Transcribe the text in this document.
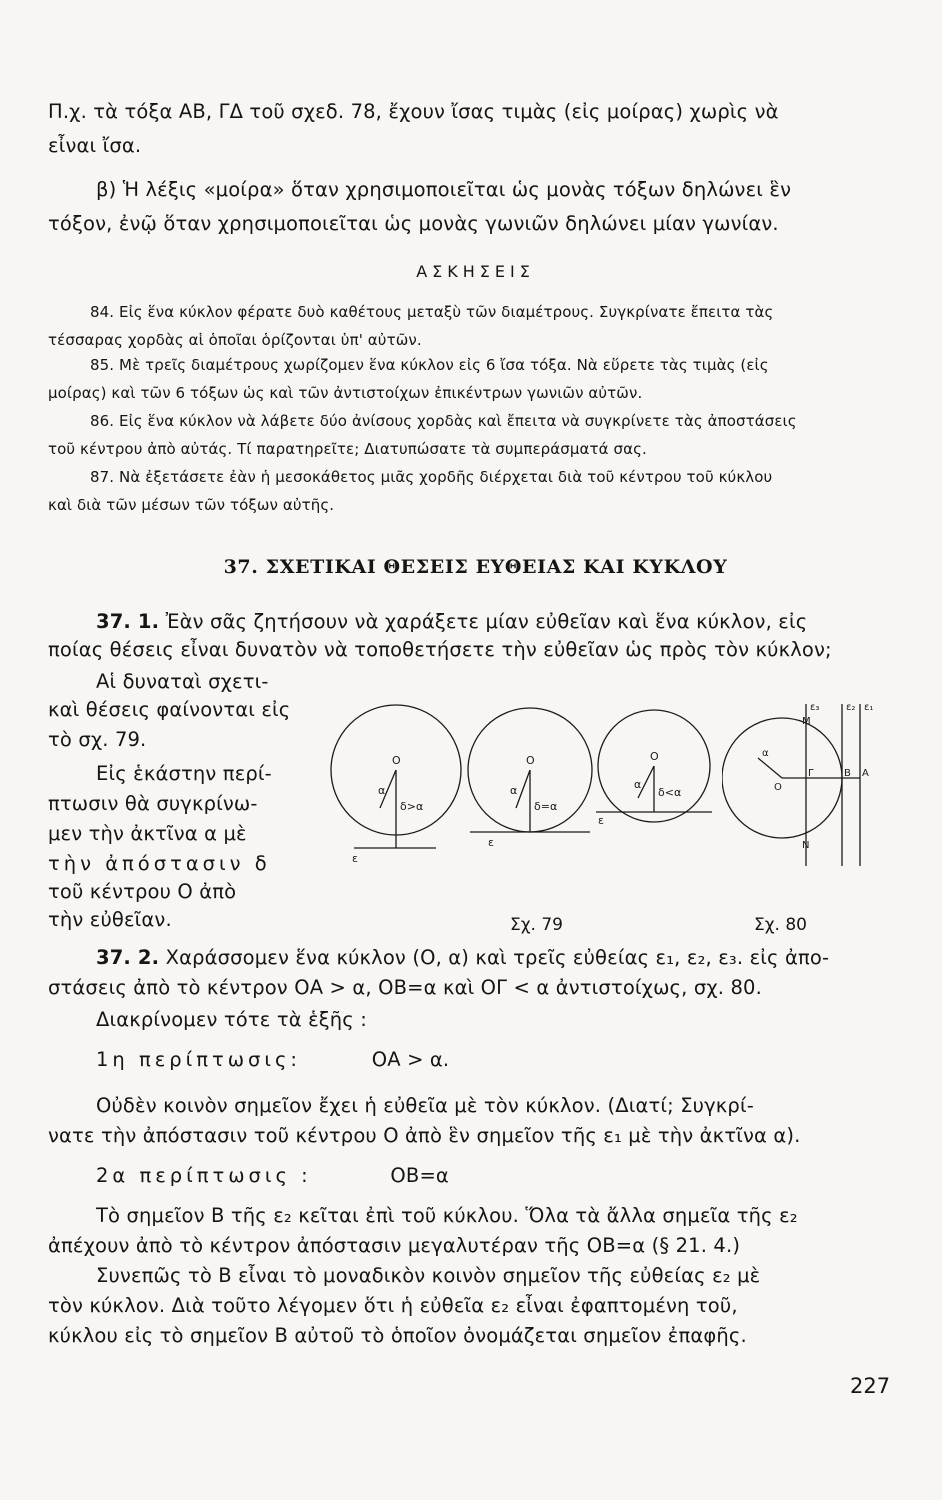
Π.χ. τὰ τόξα ΑΒ, ΓΔ τοῦ σχεδ. 78, ἔχουν ἴσας τιμὰς (εἰς μοίρας) χωρὶς νὰ

εἶναι ἴσα.

β) Ἡ λέξις «μοίρα» ὅταν χρησιμοποιεῖται ὡς μονὰς τόξων δηλώνει ἓν

τόξον, ἐνῷ ὅταν χρησιμοποιεῖται ὡς μονὰς γωνιῶν δηλώνει μίαν γωνίαν.

ΑΣΚΗΣΕΙΣ

84. Εἰς ἕνα κύκλον φέρατε δυὸ καθέτους μεταξὺ τῶν διαμέτρους. Συγκρίνατε ἔπειτα τὰς

τέσσαρας χορδὰς αἱ ὁποῖαι ὁρίζονται ὑπ' αὐτῶν.

85. Μὲ τρεῖς διαμέτρους χωρίζομεν ἕνα κύκλον εἰς 6 ἴσα τόξα. Νὰ εὕρετε τὰς τιμὰς (εἰς

μοίρας) καὶ τῶν 6 τόξων ὡς καὶ τῶν ἀντιστοίχων ἐπικέντρων γωνιῶν αὐτῶν.

86. Εἰς ἕνα κύκλον νὰ λάβετε δύο ἀνίσους χορδὰς καὶ ἔπειτα νὰ συγκρίνετε τὰς ἀποστάσεις

τοῦ κέντρου ἀπὸ αὐτάς. Τί παρατηρεῖτε; Διατυπώσατε τὰ συμπεράσματά σας.

87. Νὰ ἐξετάσετε ἐὰν ἡ μεσοκάθετος μιᾶς χορδῆς διέρχεται διὰ τοῦ κέντρου τοῦ κύκλου

καὶ διὰ τῶν μέσων τῶν τόξων αὐτῆς.

37. ΣΧΕΤΙΚΑΙ ΘΕΣΕΙΣ ΕΥΘΕΙΑΣ ΚΑΙ ΚΥΚΛΟΥ

37. 1. Ἐὰν σᾶς ζητήσουν νὰ χαράξετε μίαν εὐθεῖαν καὶ ἕνα κύκλον, εἰς

ποίας θέσεις εἶναι δυνατὸν νὰ τοποθετήσετε τὴν εὐθεῖαν ὡς πρὸς τὸν κύκλον;

Αἱ δυναταὶ σχετι-

καὶ θέσεις φαίνονται εἰς

τὸ σχ. 79.

Εἰς ἑκάστην περί-

πτωσιν θὰ συγκρίνω-

μεν τὴν ἀκτῖνα α μὲ

τὴν ἀπόστασιν δ

τοῦ κέντρου Ο ἀπὸ

τὴν εὐθεῖαν.

O
α
δ>α
ε
O
α
δ=α
ε
O
α
δ<α
ε

Σχ. 79

O
M
N
Γ	B A
ε₃	ε₂ ε₁
α

Σχ. 80

37. 2. Χαράσσομεν ἕνα κύκλον (Ο, α) καὶ τρεῖς εὐθείας ε₁, ε₂, ε₃. εἰς ἀπο-

στάσεις ἀπὸ τὸ κέντρον ΟΑ > α, ΟΒ=α καὶ ΟΓ < α ἀντιστοίχως, σχ. 80.

Διακρίνομεν τότε τὰ ἑξῆς :

1η περίπτωσις:	ΟΑ > α.

Οὐδὲν κοινὸν σημεῖον ἔχει ἡ εὐθεῖα μὲ τὸν κύκλον. (Διατί; Συγκρί-

νατε τὴν ἀπόστασιν τοῦ κέντρου Ο ἀπὸ ἓν σημεῖον τῆς ε₁ μὲ τὴν ἀκτῖνα α).

2α περίπτωσις :	ΟΒ=α

Τὸ σημεῖον Β τῆς ε₂ κεῖται ἐπὶ τοῦ κύκλου. Ὅλα τὰ ἄλλα σημεῖα τῆς ε₂

ἀπέχουν ἀπὸ τὸ κέντρον ἀπόστασιν μεγαλυτέραν τῆς ΟΒ=α (§ 21. 4.)

Συνεπῶς τὸ Β εἶναι τὸ μοναδικὸν κοινὸν σημεῖον τῆς εὐθείας ε₂ μὲ

τὸν κύκλον. Διὰ τοῦτο λέγομεν ὅτι ἡ εὐθεῖα ε₂ εἶναι ἐφαπτομένη τοῦ,

κύκλου εἰς τὸ σημεῖον Β αὐτοῦ τὸ ὁποῖον ὀνομάζεται σημεῖον ἐπαφῆς.

227
